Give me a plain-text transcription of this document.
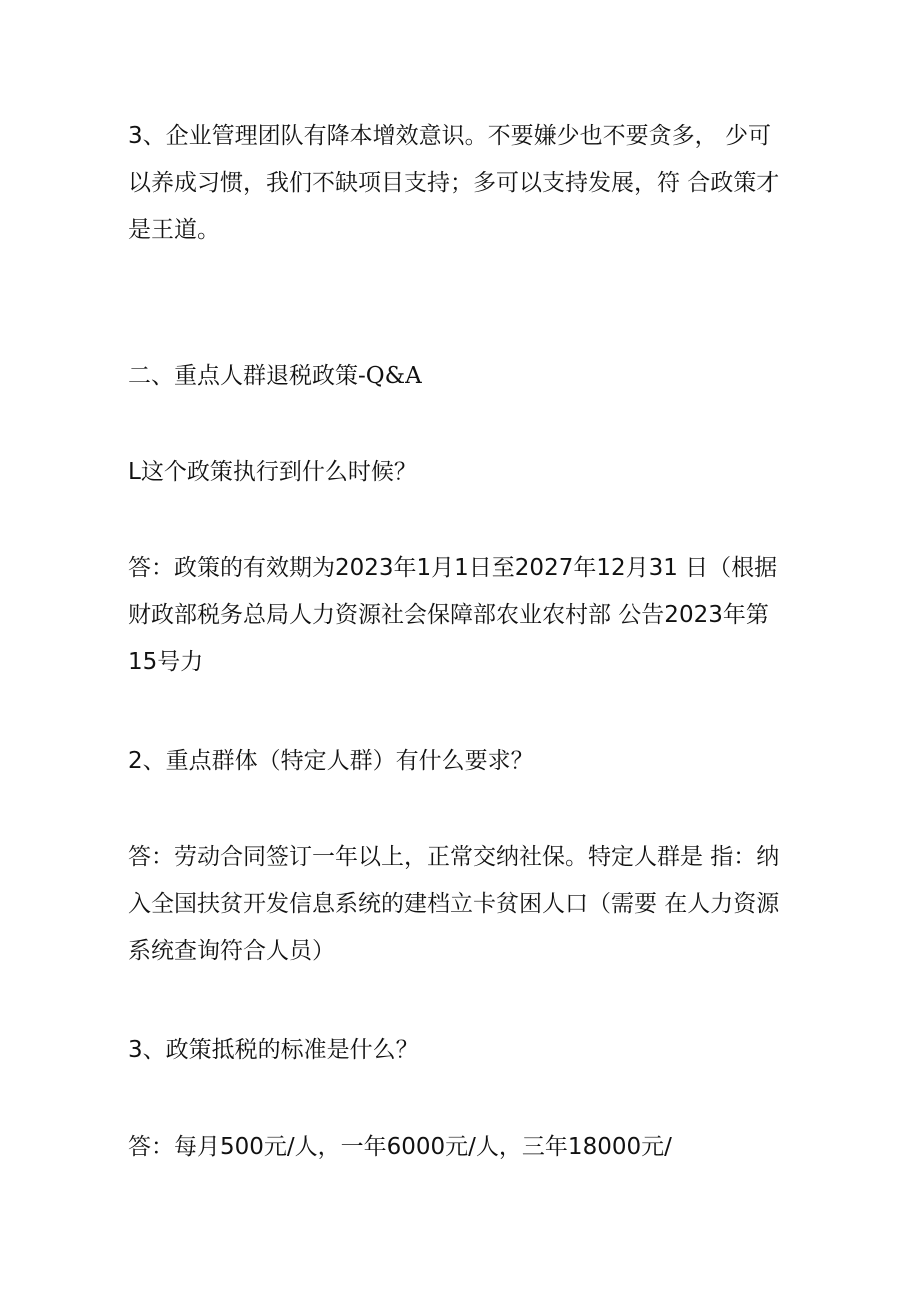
3、企业管理团队有降本增效意识。不要嫌少也不要贪多， 少可
以养成习惯，我们不缺项目支持；多可以支持发展，符 合政策才
是王道。
二、重点人群退税政策-Q&A
L这个政策执行到什么时候？
答：政策的有效期为2023年1月1日至2027年12月31 日（根据
财政部税务总局人力资源社会保障部农业农村部 公告2023年第
15号力
2、重点群体（特定人群）有什么要求？
答：劳动合同签订一年以上，正常交纳社保。特定人群是 指：纳
入全国扶贫开发信息系统的建档立卡贫困人口（需要 在人力资源
系统查询符合人员）
3、政策抵税的标准是什么？
答：每月500元/人，一年6000元/人，三年18000元/
